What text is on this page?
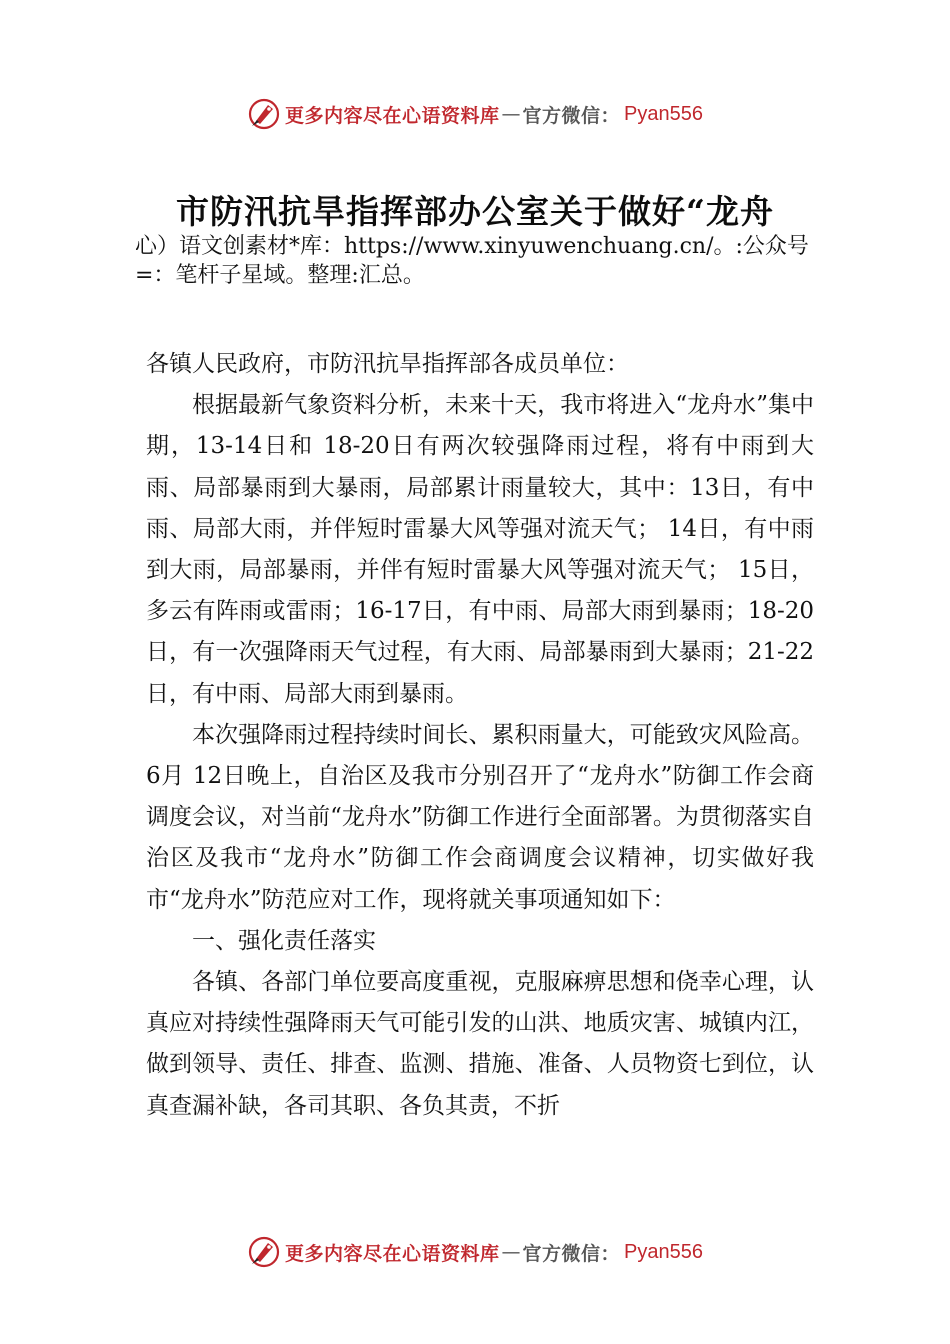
更多内容尽在心语资料库 — 官方微信： Pyan556
市防汛抗旱指挥部办公室关于做好“龙舟
心）语文创素材*库：https://www.xinyuwenchuang.cn/。:公众号=：笔杆子星域。整理:汇总。

各镇人民政府，市防汛抗旱指挥部各成员单位：

根据最新气象资料分析，未来十天，我市将进入“龙舟水”集中期，13-14日和 18-20日有两次较强降雨过程，将有中雨到大雨、局部暴雨到大暴雨，局部累计雨量较大，其中：13日，有中雨、局部大雨，并伴短时雷暴大风等强对流天气； 14日，有中雨到大雨，局部暴雨，并伴有短时雷暴大风等强对流天气； 15日，多云有阵雨或雷雨；16-17日，有中雨、局部大雨到暴雨；18-20日，有一次强降雨天气过程，有大雨、局部暴雨到大暴雨；21-22日，有中雨、局部大雨到暴雨。

本次强降雨过程持续时间长、累积雨量大，可能致灾风险高。6月 12日晚上，自治区及我市分别召开了“龙舟水”防御工作会商调度会议，对当前“龙舟水”防御工作进行全面部署。为贯彻落实自治区及我市“龙舟水”防御工作会商调度会议精神，切实做好我市“龙舟水”防范应对工作，现将就关事项通知如下：

一、强化责任落实

各镇、各部门单位要高度重视，克服麻痹思想和侥幸心理，认真应对持续性强降雨天气可能引发的山洪、地质灾害、城镇内江，做到领导、责任、排查、监测、措施、准备、人员物资七到位，认真查漏补缺，各司其职、各负其责，不折

更多内容尽在心语资料库 — 官方微信： Pyan556
